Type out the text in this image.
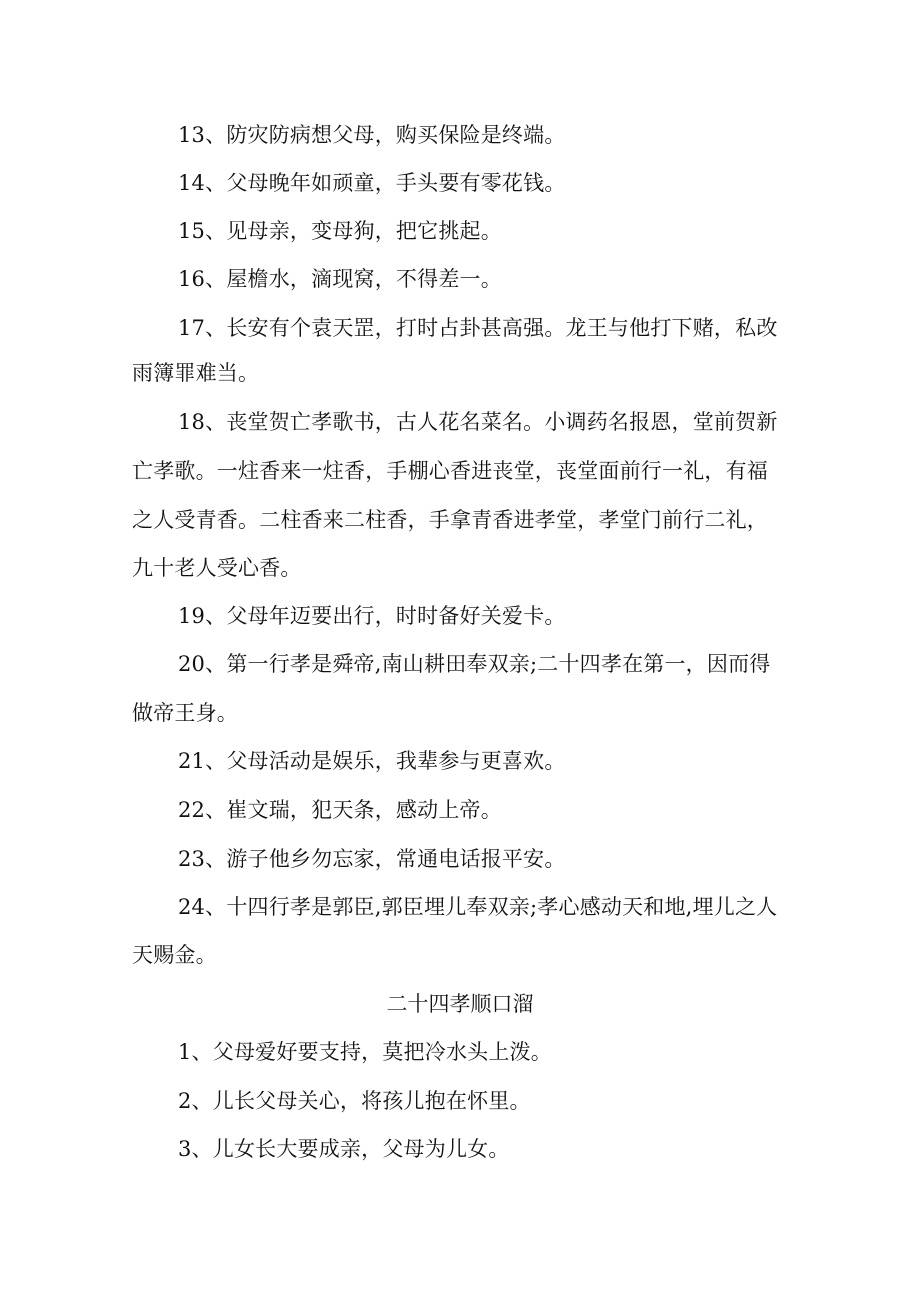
13、防灾防病想父母，购买保险是终端。
14、父母晚年如顽童，手头要有零花钱。
15、见母亲，变母狗，把它挑起。
16、屋檐水，滴现窝，不得差一。
17、长安有个袁天罡，打时占卦甚高强。龙王与他打下赌，私改
雨簿罪难当。
18、丧堂贺亡孝歌书，古人花名菜名。小调药名报恩，堂前贺新
亡孝歌。一炷香来一炷香，手棚心香进丧堂，丧堂面前行一礼，有福
之人受青香。二柱香来二柱香，手拿青香进孝堂，孝堂门前行二礼，
九十老人受心香。
19、父母年迈要出行，时时备好关爱卡。
20、第一行孝是舜帝,南山耕田奉双亲;二十四孝在第一，因而得
做帝王身。
21、父母活动是娱乐，我辈参与更喜欢。
22、崔文瑞，犯天条，感动上帝。
23、游子他乡勿忘家，常通电话报平安。
24、十四行孝是郭臣,郭臣埋儿奉双亲;孝心感动天和地,埋儿之人
天赐金。
二十四孝顺口溜
1、父母爱好要支持，莫把冷水头上泼。
2、儿长父母关心，将孩儿抱在怀里。
3、儿女长大要成亲，父母为儿女。
